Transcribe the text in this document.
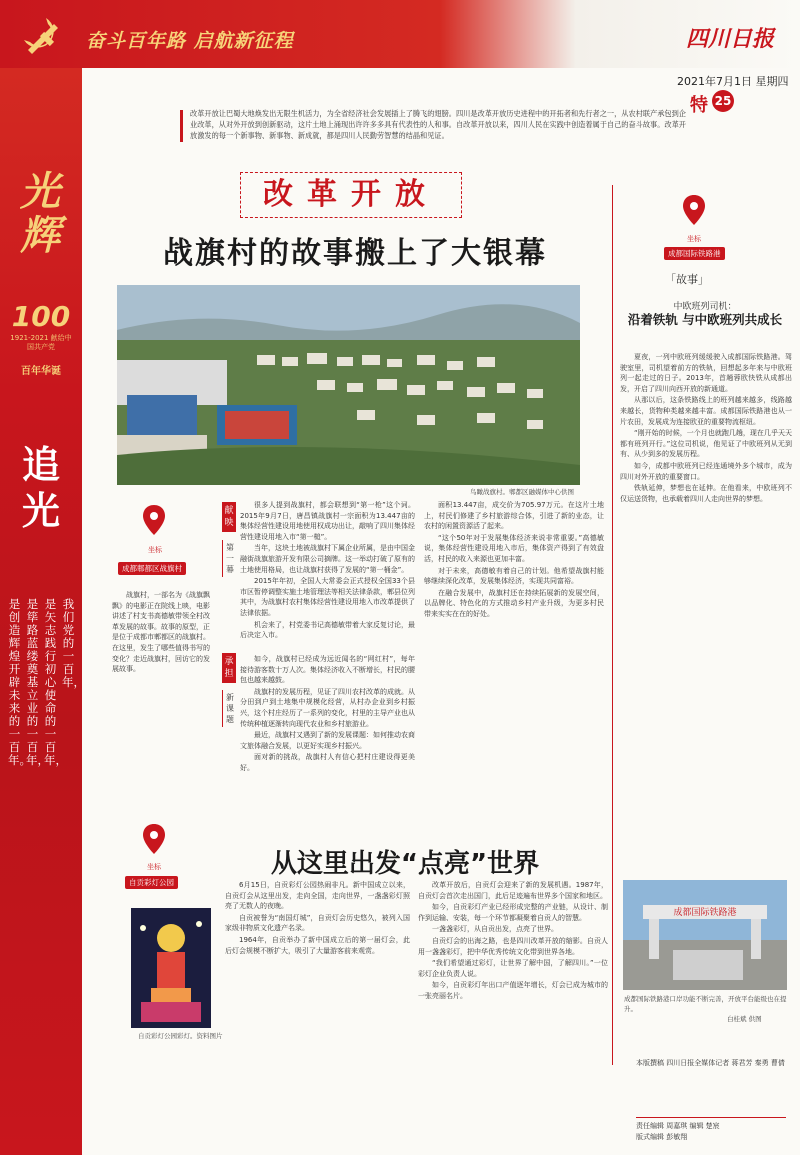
奋斗百年路 启航新征程	四川日报
2021年7月1日 星期四
特 25
光辉
100
1921-2021 献给中国共产党
百年华诞
追光
我们党的一百年，
是矢志践行初心使命的一百年，
是筚路蓝缕奠基立业的一百年，
是创造辉煌开辟未来的一百年。
改革开放让巴蜀大地焕发出无限生机活力，为全省经济社会发展插上了腾飞的翅膀。四川是改革开放历史进程中的开拓者和先行者之一，从农村联产承包到企业改革，从对外开放到创新驱动，这片土地上涌现出许许多多具有代表性的人和事。自改革开放以来，四川人民在实践中创造着属于自己的奋斗故事。改革开放激发的每一个新事物、新事物、新成就，都是四川人民勤劳智慧的结晶和见证。
改革开放
战旗村的故事搬上了大银幕
鸟瞰战旗村。郫都区融媒体中心供图
坐标
成都郫都区战旗村
战旗村，一部名为《战旗飘飘》的电影正在院线上映，电影讲述了村支书高德敏带领全村改革发展的故事。故事的原型，正是位于成都市郫都区的战旗村。在这里，发生了哪些值得书写的变化？走近战旗村，回访它的发展故事。
献映
第一幕
承担
新课题

很多人提到战旗村，都会联想到“第一枪”这个词。2015年9月7日，唐昌镇战旗村一宗面积为13.447亩的集体经营性建设用地使用权成功出让，敲响了四川集体经营性建设用地入市“第一槌”。

当年，这块土地被战旗村下属企业所属，是由中国金融街战旗旅游开发有限公司摘牌。这一举动打破了原有的土地使用格局，也让战旗村获得了发展的“第一桶金”。

2015年年初，全国人大常委会正式授权全国33个县市区暂停调整实施土地管理法等相关法律条款，郫县位列其中，为战旗村农村集体经营性建设用地入市改革提供了法律依据。

机会来了，村党委书记高德敏带着大家反复讨论，最后决定入市。

如今，战旗村已经成为远近闻名的“网红村”，每年接待游客数十万人次。集体经济收入不断增长，村民的腰包也越来越鼓。

战旗村的发展历程，见证了四川农村改革的成就。从分田到户到土地集中规模化经营，从村办企业到乡村振兴，这个村庄经历了一系列的变化，村里的主导产业也从传统种植逐渐转向现代农业和乡村旅游业。

最近，战旗村又遇到了新的发展课题：如何推动农商文旅体融合发展，以更好实现乡村振兴。

面对新的挑战，战旗村人有信心把村庄建设得更美好。

面积13.447亩，成交价为705.97万元。在这片土地上，村民们修建了乡村旅游综合体，引进了新的业态，让农村的闲置资源活了起来。

“这个50年对于发展集体经济来说非常重要。”高德敏说，集体经营性建设用地入市后，集体资产得到了有效盘活，村民的收入来源也更加丰富。

对于未来，高德敏有着自己的计划。他希望战旗村能够继续深化改革，发展集体经济，实现共同富裕。

在融合发展中，战旗村还在持续拓展新的发展空间，以品牌化、特色化的方式推动乡村产业升级，为更多村民带来实实在在的好处。

坐标
成都国际铁路港
「故事」
中欧班列司机：
沿着铁轨 与中欧班列共成长

夏夜，一列中欧班列缓缓驶入成都国际铁路港。驾驶室里，司机望着前方的铁轨，回想起多年来与中欧班列一起走过的日子。2013年，首趟蓉欧快铁从成都出发，开启了四川向西开放的新通道。

从那以后，这条铁路线上的班列越来越多，线路越来越长，货物种类越来越丰富。成都国际铁路港也从一片农田，发展成为连接欧亚的重要物流枢纽。

“刚开始的时候，一个月也就跑几趟，现在几乎天天都有班列开行。”这位司机说，他见证了中欧班列从无到有、从少到多的发展历程。

如今，成都中欧班列已经连通境外多个城市，成为四川对外开放的重要窗口。

铁轨延伸，梦想也在延伸。在他看来，中欧班列不仅运送货物，也承载着四川人走向世界的梦想。

成都国际铁路港
成都国际铁路港口岸功能不断完善，开放平台能级也在提升。
白桂斌 供图
从这里出发“点亮”世界
坐标
自贡彩灯公园
自贡彩灯公园彩灯。资料图片

6月15日，自贡彩灯公园热闹非凡。新中国成立以来，自贡灯会从这里出发，走向全国，走向世界，一盏盏彩灯照亮了无数人的夜晚。

自贡被誉为“南国灯城”，自贡灯会历史悠久，被列入国家级非物质文化遗产名录。

1964年，自贡举办了新中国成立后的第一届灯会，此后灯会规模不断扩大，吸引了大量游客前来观赏。

改革开放后，自贡灯会迎来了新的发展机遇。1987年，自贡灯会首次走出国门，此后足迹遍布世界多个国家和地区。

如今，自贡彩灯产业已经形成完整的产业链，从设计、制作到运输、安装，每一个环节都凝聚着自贡人的智慧。

一盏盏彩灯，从自贡出发，点亮了世界。

自贡灯会的出海之路，也是四川改革开放的缩影。自贡人用一盏盏彩灯，把中华优秀传统文化带到世界各地。

“我们希望通过彩灯，让世界了解中国，了解四川。”一位彩灯企业负责人说。

如今，自贡彩灯年出口产值逐年增长，灯会已成为城市的一张亮丽名片。

本版撰稿 四川日报全媒体记者 蒋君芳 秦勇 曹倩
责任编辑 周嘉琪 编辑 楚宸
版式编辑 彭敏翔
